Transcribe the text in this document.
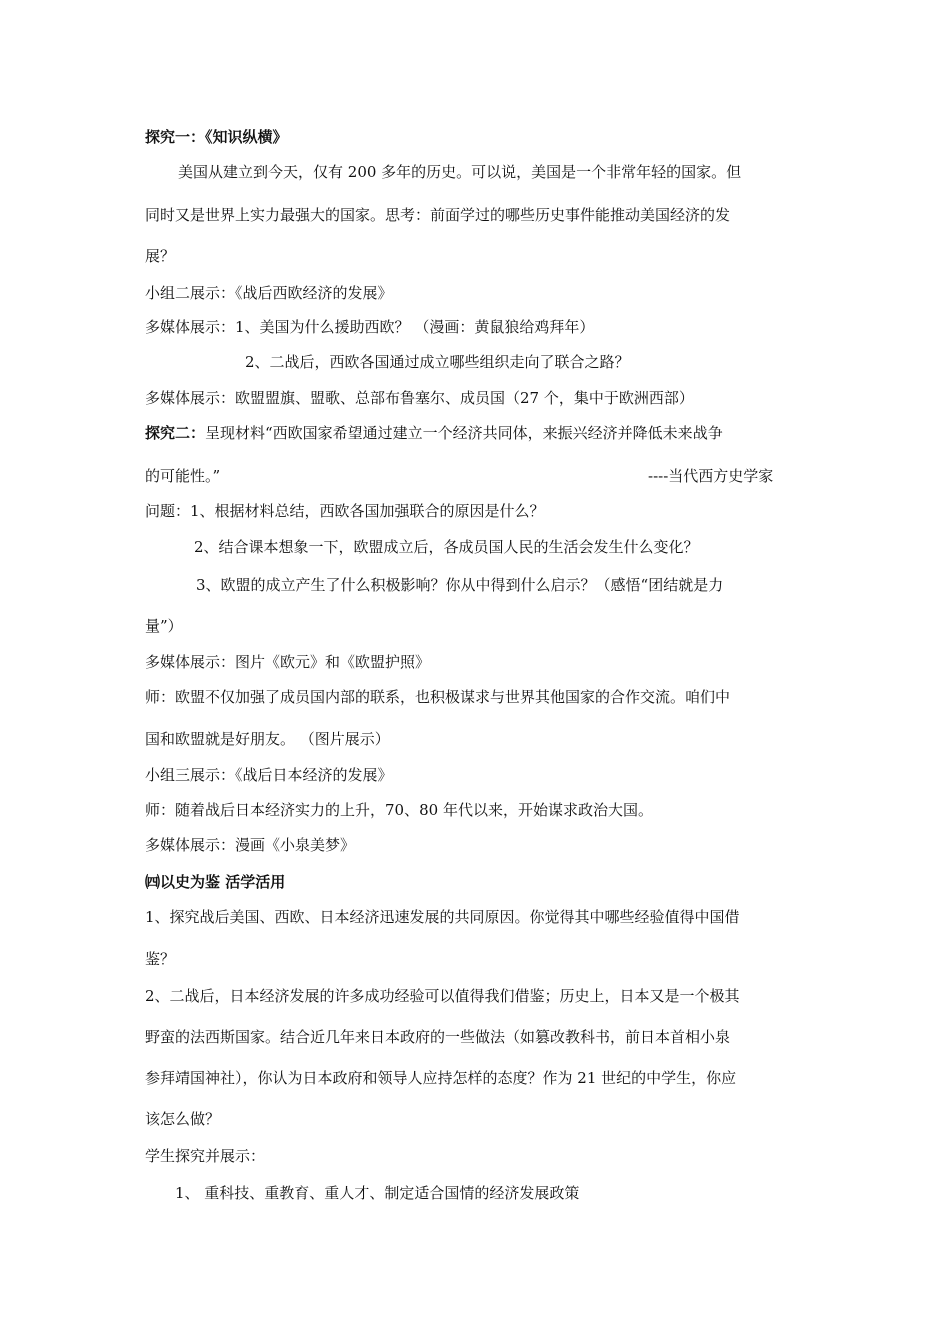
探究一：《知识纵横》
美国从建立到今天，仅有 200 多年的历史。可以说，美国是一个非常年轻的国家。但
同时又是世界上实力最强大的国家。思考：前面学过的哪些历史事件能推动美国经济的发
展？
小组二展示：《战后西欧经济的发展》
多媒体展示：1、美国为什么援助西欧？ （漫画：黄鼠狼给鸡拜年）
2、二战后，西欧各国通过成立哪些组织走向了联合之路？
多媒体展示：欧盟盟旗、盟歌、总部布鲁塞尔、成员国（27 个，集中于欧洲西部）
探究二：呈现材料“西欧国家希望通过建立一个经济共同体，来振兴经济并降低未来战争
的可能性。”	----当代西方史学家
问题：1、根据材料总结，西欧各国加强联合的原因是什么？
2、结合课本想象一下，欧盟成立后，各成员国人民的生活会发生什么变化？
3、欧盟的成立产生了什么积极影响？你从中得到什么启示？（感悟“团结就是力
量”）
多媒体展示：图片《欧元》和《欧盟护照》
师：欧盟不仅加强了成员国内部的联系，也积极谋求与世界其他国家的合作交流。咱们中
国和欧盟就是好朋友。 （图片展示）
小组三展示：《战后日本经济的发展》
师：随着战后日本经济实力的上升，70、80 年代以来，开始谋求政治大国。
多媒体展示：漫画《小泉美梦》
㈣以史为鉴 活学活用
1、探究战后美国、西欧、日本经济迅速发展的共同原因。你觉得其中哪些经验值得中国借
鉴？
2、二战后，日本经济发展的许多成功经验可以值得我们借鉴；历史上，日本又是一个极其
野蛮的法西斯国家。结合近几年来日本政府的一些做法（如篡改教科书，前日本首相小泉
参拜靖国神社），你认为日本政府和领导人应持怎样的态度？作为 21 世纪的中学生，你应
该怎么做？
学生探究并展示：
1、 重科技、重教育、重人才、制定适合国情的经济发展政策
